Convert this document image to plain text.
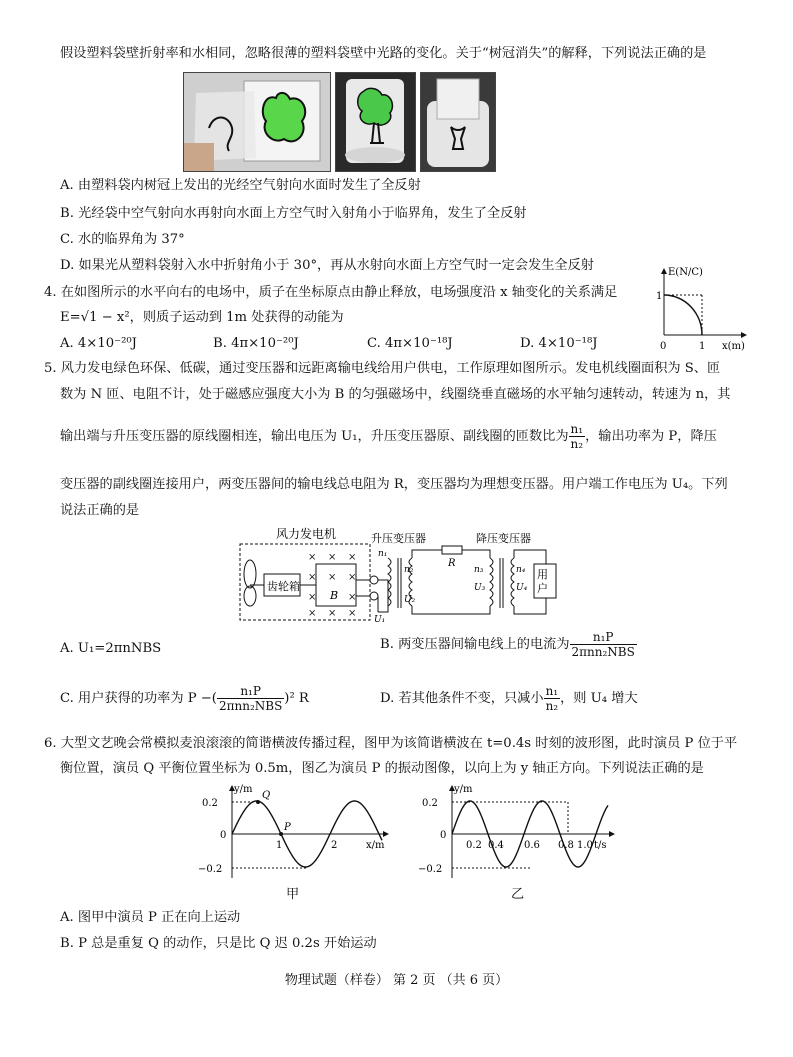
假设塑料袋壁折射率和水相同，忽略很薄的塑料袋壁中光路的变化。关于“树冠消失”的解释，下列说法正确的是
A. 由塑料袋内树冠上发出的光经空气射向水面时发生了全反射
B. 光经袋中空气射向水再射向水面上方空气时入射角小于临界角，发生了全反射
C. 水的临界角为 37°
D. 如果光从塑料袋射入水中折射角小于 30°，再从水射向水面上方空气时一定会发生全反射
4. 在如图所示的水平向右的电场中，质子在坐标原点由静止释放，电场强度沿 x 轴变化的关系满足
E=√1 − x²，则质子运动到 1m 处获得的动能为
A. 4×10⁻²⁰J	B. 4π×10⁻²⁰J	C. 4π×10⁻¹⁸J	D. 4×10⁻¹⁸J
E(N/C)
x(m)
1
0	1
5. 风力发电绿色环保、低碳，通过变压器和远距离输电线给用户供电，工作原理如图所示。发电机线圈面积为 S、匝
数为 N 匝、电阻不计，处于磁感应强度大小为 B 的匀强磁场中，线圈绕垂直磁场的水平轴匀速转动，转速为 n，其
输出端与升压变压器的原线圈相连，输出电压为 U₁，升压变压器原、副线圈的匝数比为 $\frac{\text{n₁}}{\text{n₂}}$ ，输出功率为 P，降压
变压器的副线圈连接用户，两变压器间的输电线总电阻为 R，变压器均为理想变压器。用户端工作电压为 U₄。下列
说法正确的是
风力发电机	升压变压器	降压变压器
齿轮箱
× × ×
× × ×
×	×
× × ×
B
n₁
n₂
U₁
U₂
R
n₃
U₃
n₄
U₄
用
户
A. U₁=2πnNBS	B. 两变压器间输电线上的电流为 $\frac{\text{n₁P}}{\text{2πnn₂NBS}}$
C. 用户获得的功率为 P −( $\frac{\text{n₁P}}{\text{2πnn₂NBS}} )^2$ R	D. 若其他条件不变，只减小 $\frac{\text{n₁}}{\text{n₂}}$ ，则 U₄ 增大
6. 大型文艺晚会常模拟麦浪滚滚的简谐横波传播过程，图甲为该简谐横波在 t=0.4s 时刻的波形图，此时演员 P 位于平
衡位置，演员 Q 平衡位置坐标为 0.5m，图乙为演员 P 的振动图像，以向上为 y 轴正方向。下列说法正确的是
0.2
0
−0.2
y/m
x/m
1	2
Q
P
甲
0.2
0
−0.2
y/m
t/s
0.2 0.4 0.6 0.8 1.0
乙
A. 图甲中演员 P 正在向上运动
B. P 总是重复 Q 的动作，只是比 Q 迟 0.2s 开始运动
物理试题（样卷） 第 2 页 （共 6 页）
